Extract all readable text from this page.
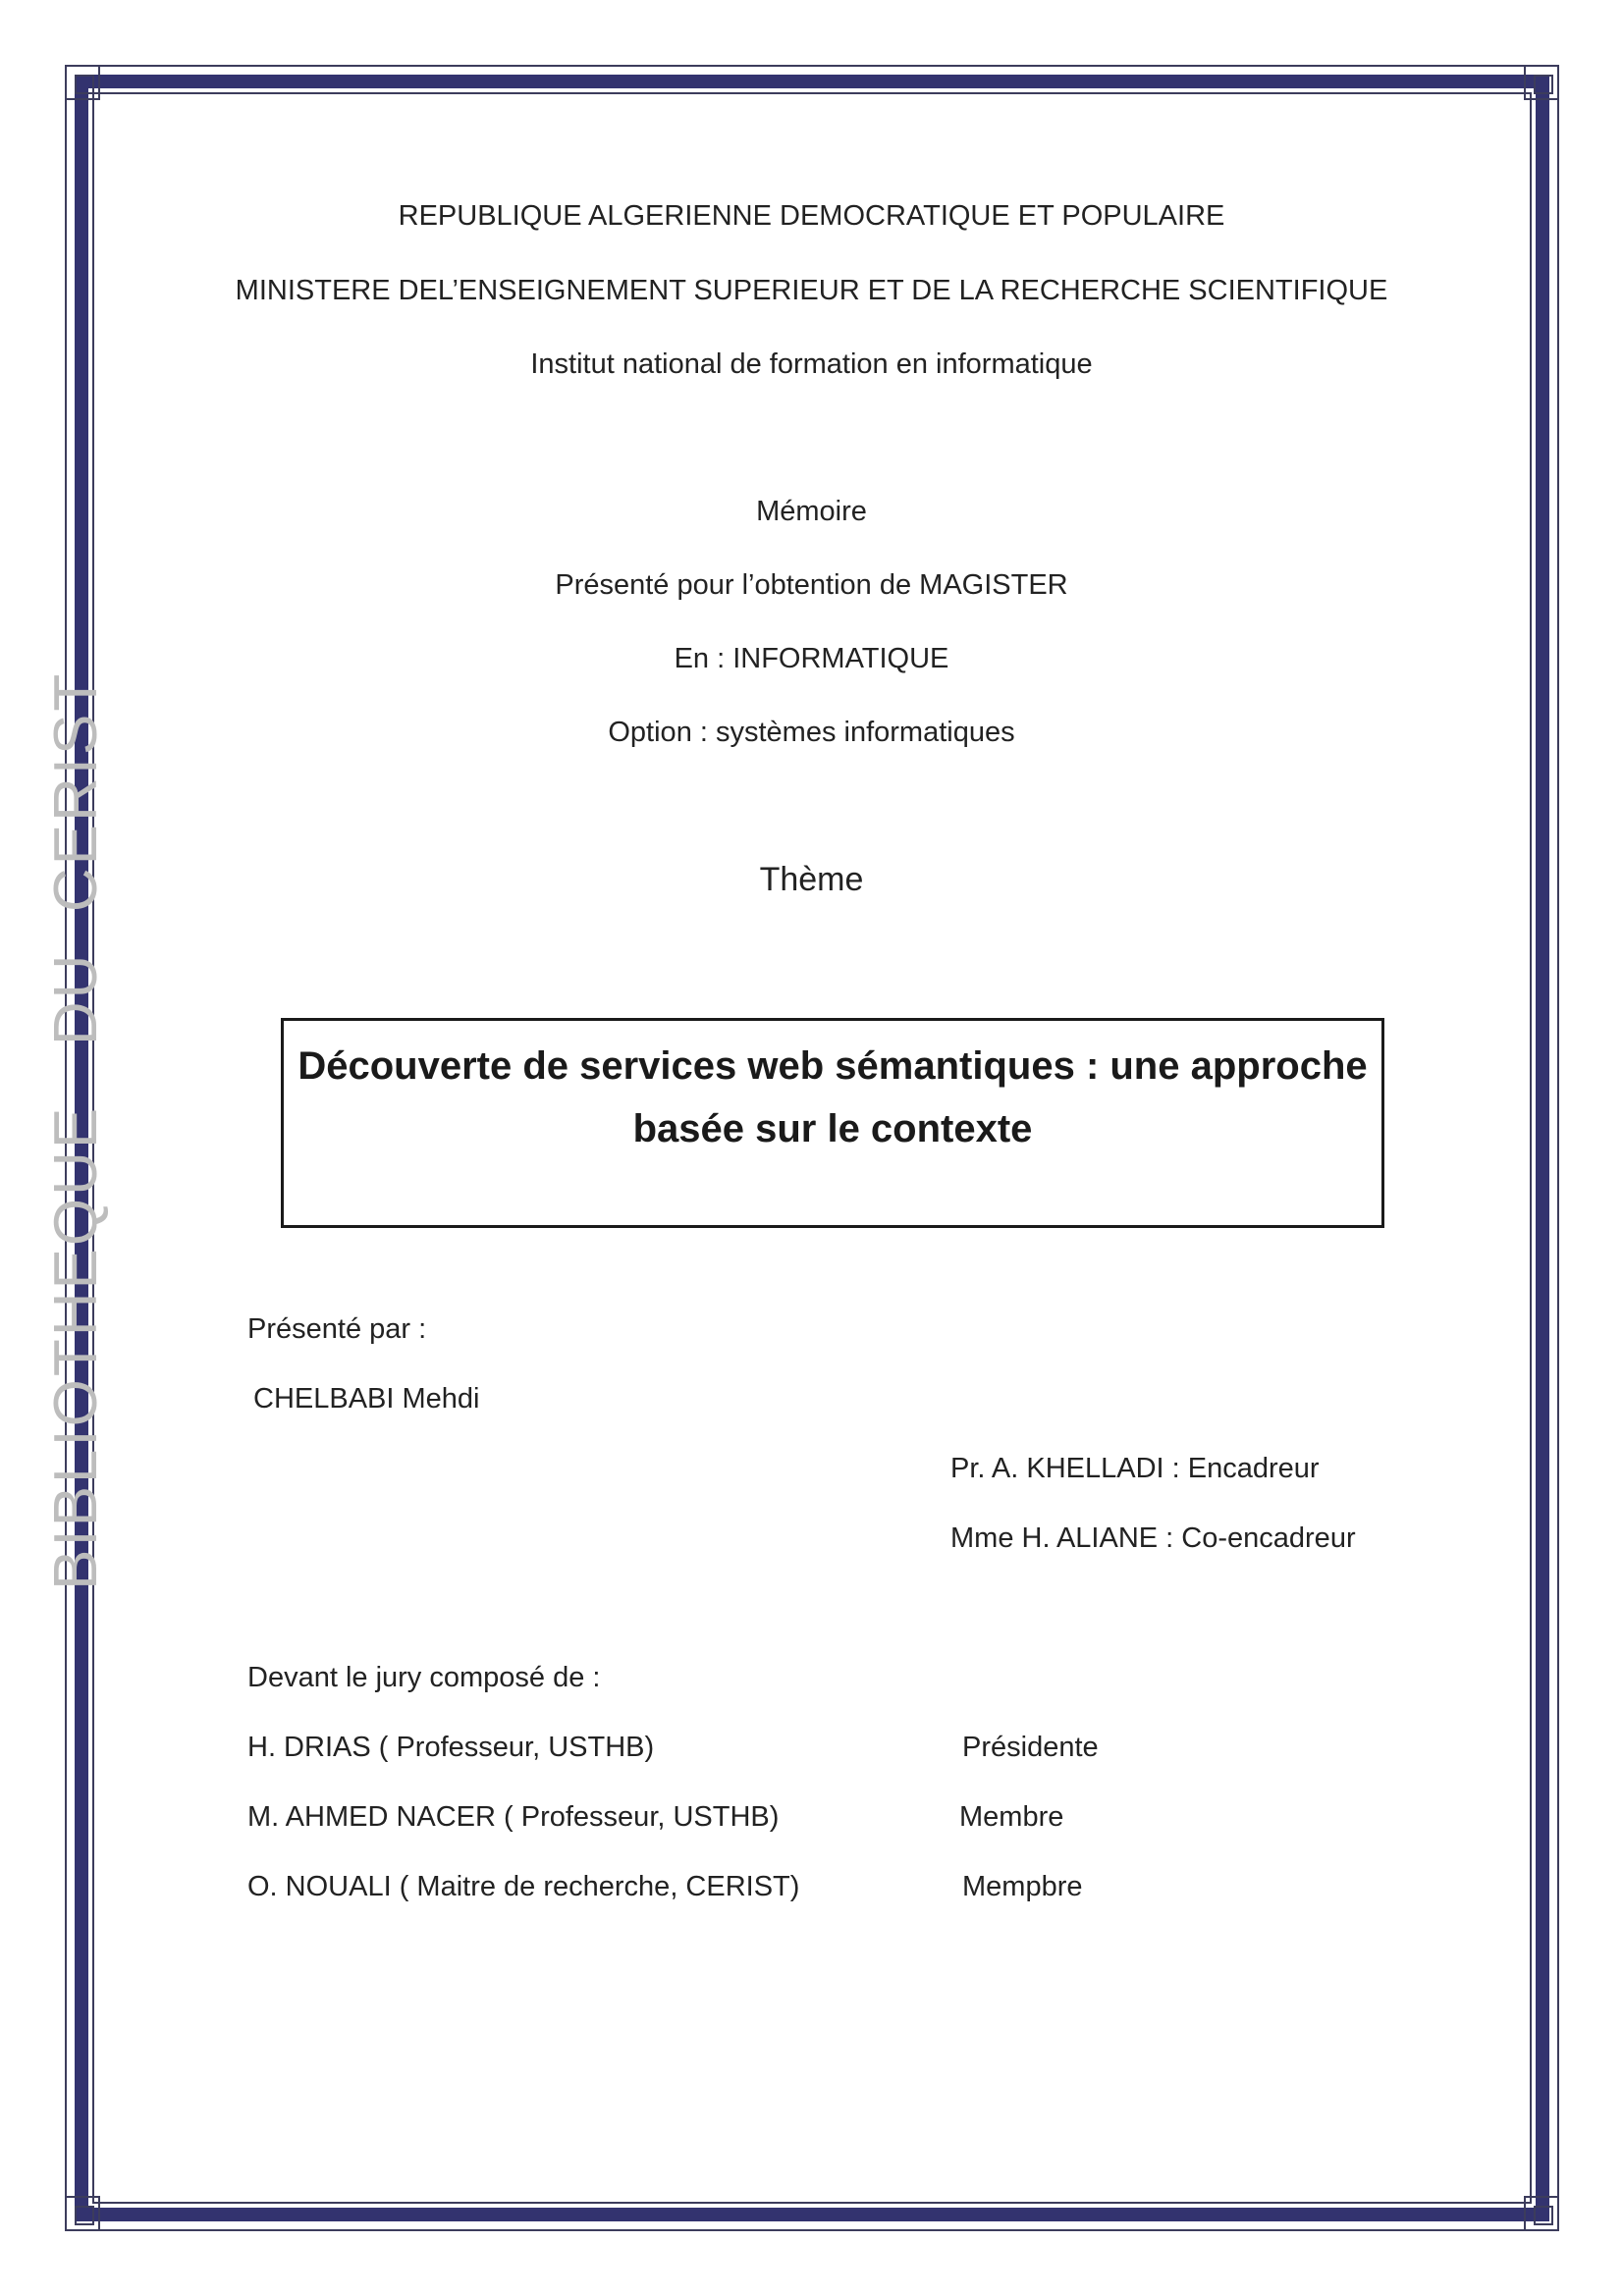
BIBLIOTHEQUE   DU  CERIST
REPUBLIQUE ALGERIENNE DEMOCRATIQUE ET POPULAIRE
MINISTERE DEL’ENSEIGNEMENT SUPERIEUR ET DE LA RECHERCHE SCIENTIFIQUE
Institut national de formation en informatique
Mémoire
Présenté pour l’obtention de MAGISTER
En : INFORMATIQUE
Option : systèmes informatiques
Thème
Découverte de services web sémantiques : une approche
basée sur le contexte
Présenté par :
CHELBABI Mehdi
Pr. A. KHELLADI : Encadreur
Mme H. ALIANE : Co-encadreur
Devant le jury composé de :
H. DRIAS ( Professeur, USTHB)	Présidente
M. AHMED NACER ( Professeur, USTHB)	Membre
O. NOUALI ( Maitre de recherche, CERIST)	Mempbre
